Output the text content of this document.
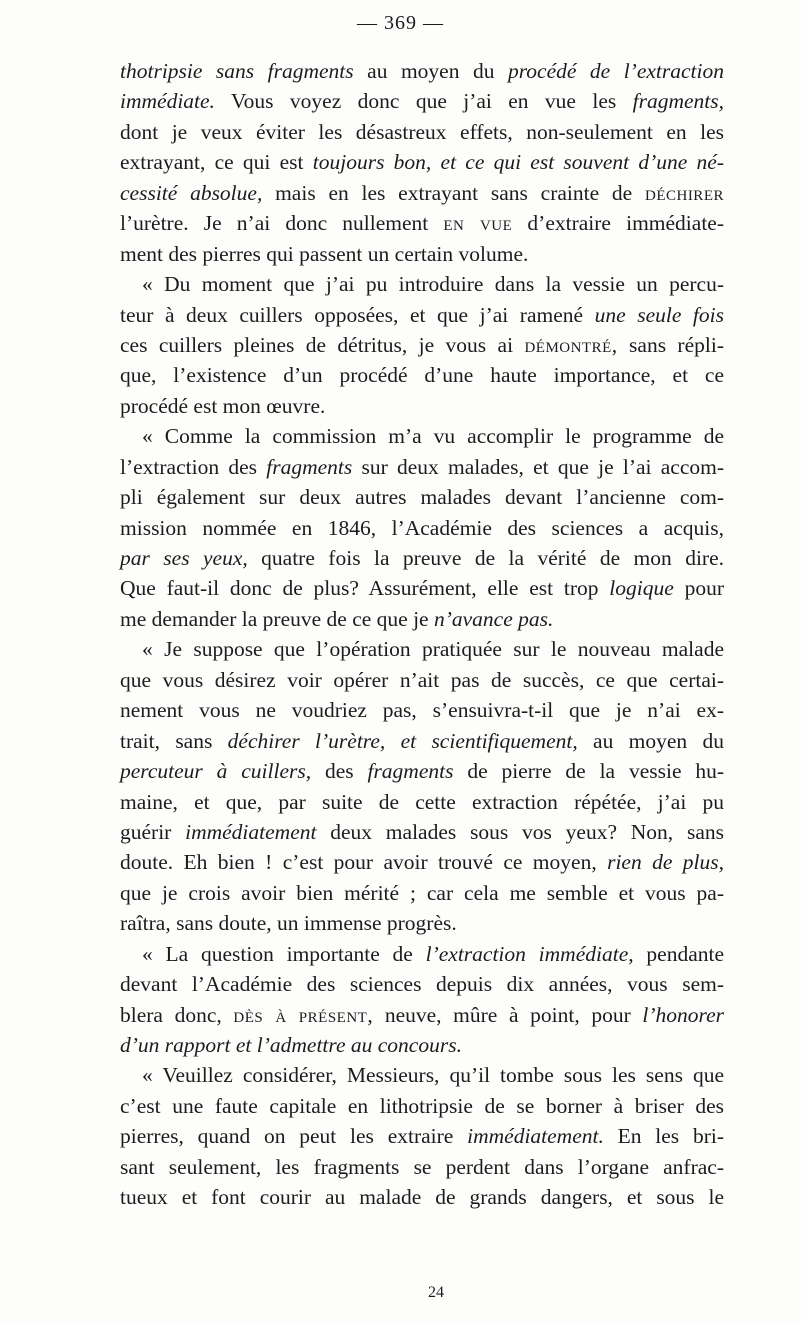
— 369 —
thotripsie sans fragments au moyen du procédé de l’extraction
immédiate. Vous voyez donc que j’ai en vue les fragments,
dont je veux éviter les désastreux effets, non-seulement en les
extrayant, ce qui est toujours bon, et ce qui est souvent d’une né-
cessité absolue, mais en les extrayant sans crainte de déchirer
l’urètre. Je n’ai donc nullement en vue d’extraire immédiate-
ment des pierres qui passent un certain volume.
« Du moment que j’ai pu introduire dans la vessie un percu-
teur à deux cuillers opposées, et que j’ai ramené une seule fois
ces cuillers pleines de détritus, je vous ai démontré, sans répli-
que, l’existence d’un procédé d’une haute importance, et ce
procédé est mon œuvre.
« Comme la commission m’a vu accomplir le programme de
l’extraction des fragments sur deux malades, et que je l’ai accom-
pli également sur deux autres malades devant l’ancienne com-
mission nommée en 1846, l’Académie des sciences a acquis,
par ses yeux, quatre fois la preuve de la vérité de mon dire.
Que faut-il donc de plus? Assurément, elle est trop logique pour
me demander la preuve de ce que je n’avance pas.
« Je suppose que l’opération pratiquée sur le nouveau malade
que vous désirez voir opérer n’ait pas de succès, ce que certai-
nement vous ne voudriez pas, s’ensuivra-t-il que je n’ai ex-
trait, sans déchirer l’urètre, et scientifiquement, au moyen du
percuteur à cuillers, des fragments de pierre de la vessie hu-
maine, et que, par suite de cette extraction répétée, j’ai pu
guérir immédiatement deux malades sous vos yeux? Non, sans
doute. Eh bien ! c’est pour avoir trouvé ce moyen, rien de plus,
que je crois avoir bien mérité ; car cela me semble et vous pa-
raîtra, sans doute, un immense progrès.
« La question importante de l’extraction immédiate, pendante
devant l’Académie des sciences depuis dix années, vous sem-
blera donc, dès à présent, neuve, mûre à point, pour l’honorer
d’un rapport et l’admettre au concours.
« Veuillez considérer, Messieurs, qu’il tombe sous les sens que
c’est une faute capitale en lithotripsie de se borner à briser des
pierres, quand on peut les extraire immédiatement. En les bri-
sant seulement, les fragments se perdent dans l’organe anfrac-
tueux et font courir au malade de grands dangers, et sous le
24
